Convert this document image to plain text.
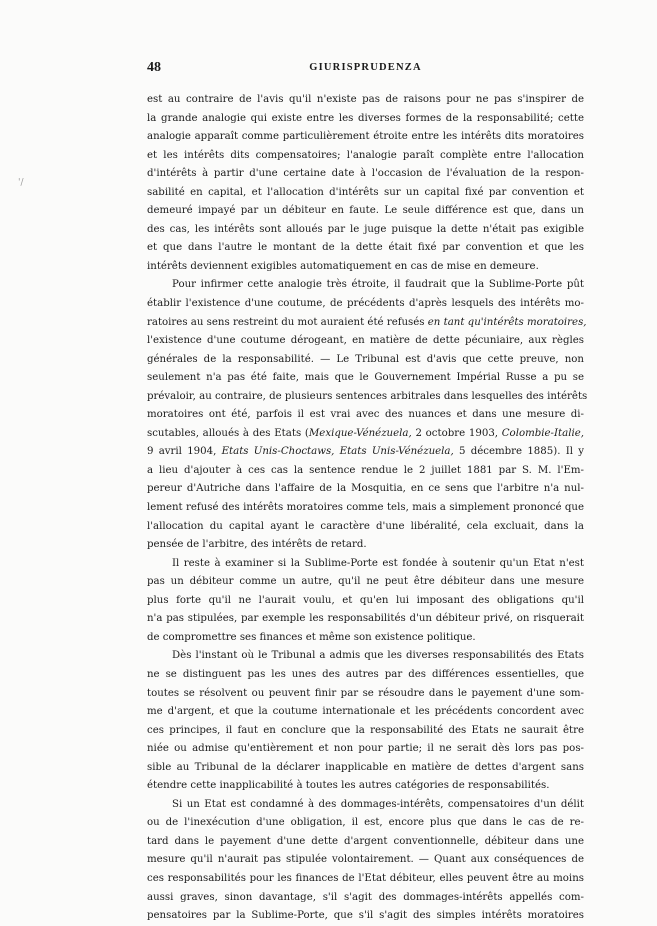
'/
48	GIURISPRUDENZA
est au contraire de l'avis qu'il n'existe pas de raisons pour ne pas s'inspirer de
la grande analogie qui existe entre les diverses formes de la responsabilité; cette
analogie apparaît comme particulièrement étroite entre les intérêts dits moratoires
et les intérêts dits compensatoires; l'analogie paraît complète entre l'allocation
d'intérêts à partir d'une certaine date à l'occasion de l'évaluation de la respon-
sabilité en capital, et l'allocation d'intérêts sur un capital fixé par convention et
demeuré impayé par un débiteur en faute. Le seule différence est que, dans un
des cas, les intérêts sont alloués par le juge puisque la dette n'était pas exigible
et que dans l'autre le montant de la dette était fixé par convention et que les
intérêts deviennent exigibles automatiquement en cas de mise en demeure.
Pour infirmer cette analogie très étroite, il faudrait que la Sublime-Porte pût
établir l'existence d'une coutume, de précédents d'après lesquels des intérêts mo-
ratoires au sens restreint du mot auraient été refusés en tant qu'intérêts moratoires,
l'existence d'une coutume dérogeant, en matière de dette pécuniaire, aux règles
générales de la responsabilité. — Le Tribunal est d'avis que cette preuve, non
seulement n'a pas été faite, mais que le Gouvernement Impérial Russe a pu se
prévaloir, au contraire, de plusieurs sentences arbitrales dans lesquelles des intérêts
moratoires ont été, parfois il est vrai avec des nuances et dans une mesure di-
scutables, alloués à des Etats (Mexique-Vénézuela, 2 octobre 1903, Colombie-Italie,
9 avril 1904, Etats Unis-Choctaws, Etats Unis-Vénézuela, 5 décembre 1885). Il y
a lieu d'ajouter à ces cas la sentence rendue le 2 juillet 1881 par S. M. l'Em-
pereur d'Autriche dans l'affaire de la Mosquitia, en ce sens que l'arbitre n'a nul-
lement refusé des intérêts moratoires comme tels, mais a simplement prononcé que
l'allocation du capital ayant le caractère d'une libéralité, cela excluait, dans la
pensée de l'arbitre, des intérêts de retard.
Il reste à examiner si la Sublime-Porte est fondée à soutenir qu'un Etat n'est
pas un débiteur comme un autre, qu'il ne peut être débiteur dans une mesure
plus forte qu'il ne l'aurait voulu, et qu'en lui imposant des obligations qu'il
n'a pas stipulées, par exemple les responsabilités d'un débiteur privé, on risquerait
de compromettre ses finances et même son existence politique.
Dès l'instant où le Tribunal a admis que les diverses responsabilités des Etats
ne se distinguent pas les unes des autres par des différences essentielles, que
toutes se résolvent ou peuvent finir par se résoudre dans le payement d'une som-
me d'argent, et que la coutume internationale et les précédents concordent avec
ces principes, il faut en conclure que la responsabilité des Etats ne saurait être
niée ou admise qu'entièrement et non pour partie; il ne serait dès lors pas pos-
sible au Tribunal de la déclarer inapplicable en matière de dettes d'argent sans
étendre cette inapplicabilité à toutes les autres catégories de responsabilités.
Si un Etat est condamné à des dommages-intérêts, compensatoires d'un délit
ou de l'inexécution d'une obligation, il est, encore plus que dans le cas de re-
tard dans le payement d'une dette d'argent conventionnelle, débiteur dans une
mesure qu'il n'aurait pas stipulée volontairement. — Quant aux conséquences de
ces responsabilités pour les finances de l'Etat débiteur, elles peuvent être au moins
aussi graves, sinon davantage, s'il s'agit des dommages-intérêts appellés com-
pensatoires par la Sublime-Porte, que s'il s'agit des simples intérêts moratoires
